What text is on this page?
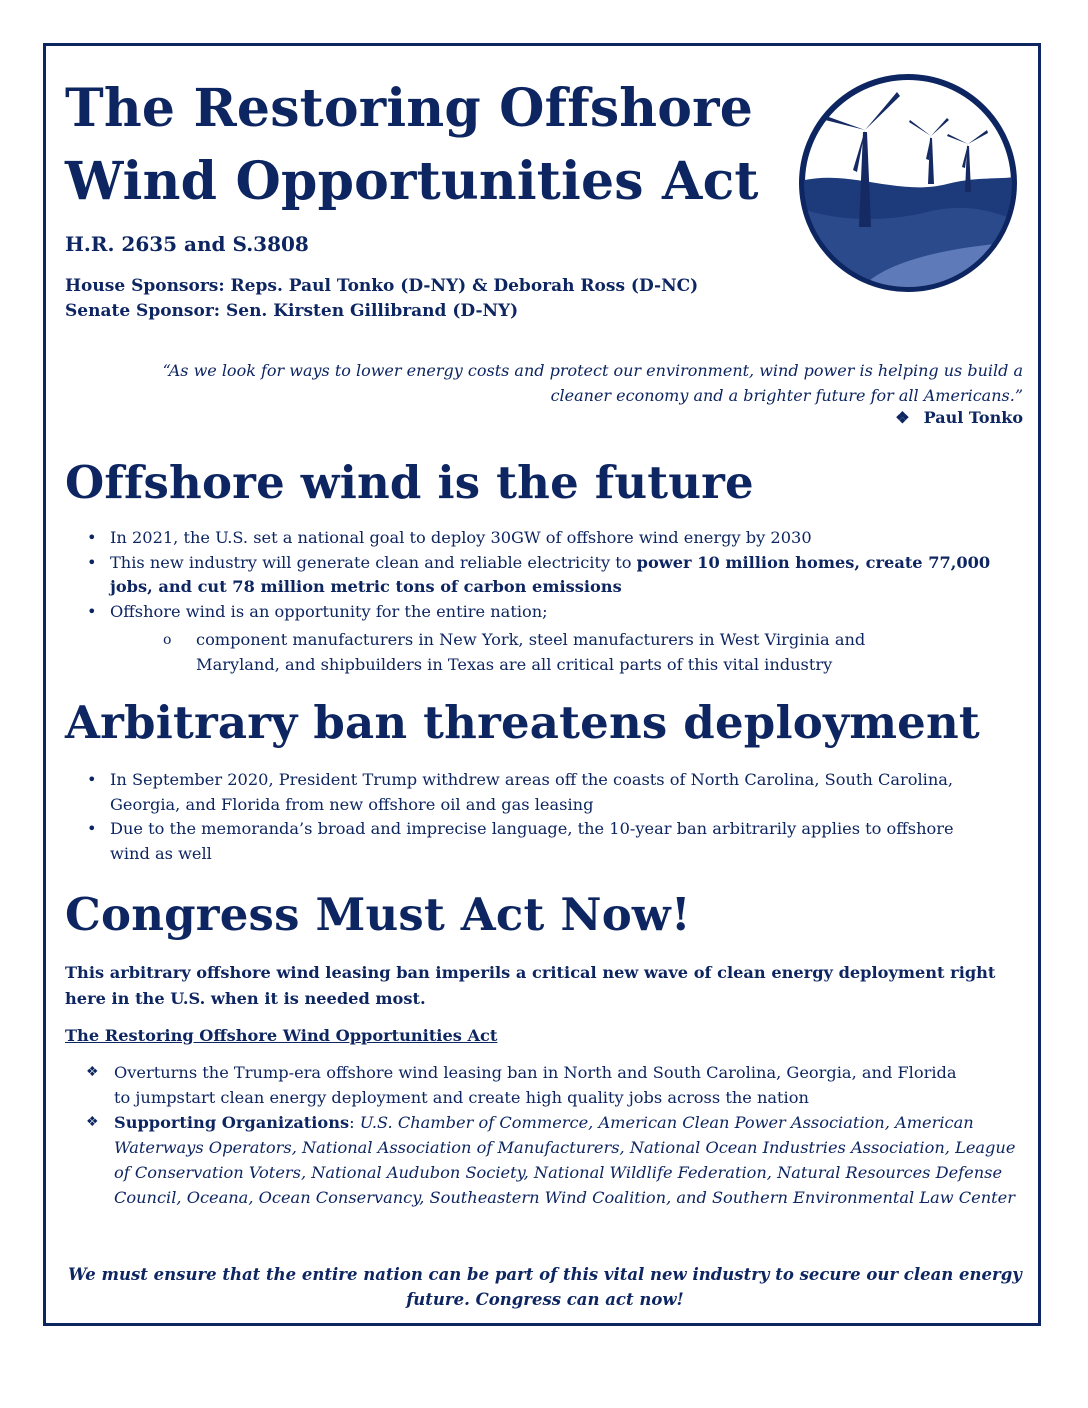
The Restoring Offshore
Wind Opportunities Act
H.R. 2635 and S.3808
House Sponsors: Reps. Paul Tonko (D-NY) & Deborah Ross (D-NC)
Senate Sponsor: Sen. Kirsten Gillibrand (D-NY)
“As we look for ways to lower energy costs and protect our environment, wind power is helping us build a
cleaner economy and a brighter future for all Americans.”
❖ Paul Tonko
Offshore wind is the future
• In 2021, the U.S. set a national goal to deploy 30GW of offshore wind energy by 2030
• This new industry will generate clean and reliable electricity to power 10 million homes, create 77,000 jobs, and cut 78 million metric tons of carbon emissions
• Offshore wind is an opportunity for the entire nation;
o component manufacturers in New York, steel manufacturers in West Virginia and Maryland, and shipbuilders in Texas are all critical parts of this vital industry
Arbitrary ban threatens deployment
• In September 2020, President Trump withdrew areas off the coasts of North Carolina, South Carolina, Georgia, and Florida from new offshore oil and gas leasing
• Due to the memoranda’s broad and imprecise language, the 10-year ban arbitrarily applies to offshore wind as well
Congress Must Act Now!
This arbitrary offshore wind leasing ban imperils a critical new wave of clean energy deployment right here in the U.S. when it is needed most.
The Restoring Offshore Wind Opportunities Act
❖ Overturns the Trump-era offshore wind leasing ban in North and South Carolina, Georgia, and Florida to jumpstart clean energy deployment and create high quality jobs across the nation
❖ Supporting Organizations: U.S. Chamber of Commerce, American Clean Power Association, American Waterways Operators, National Association of Manufacturers, National Ocean Industries Association, League of Conservation Voters, National Audubon Society, National Wildlife Federation, Natural Resources Defense Council, Oceana, Ocean Conservancy, Southeastern Wind Coalition, and Southern Environmental Law Center
We must ensure that the entire nation can be part of this vital new industry to secure our clean energy future. Congress can act now!
